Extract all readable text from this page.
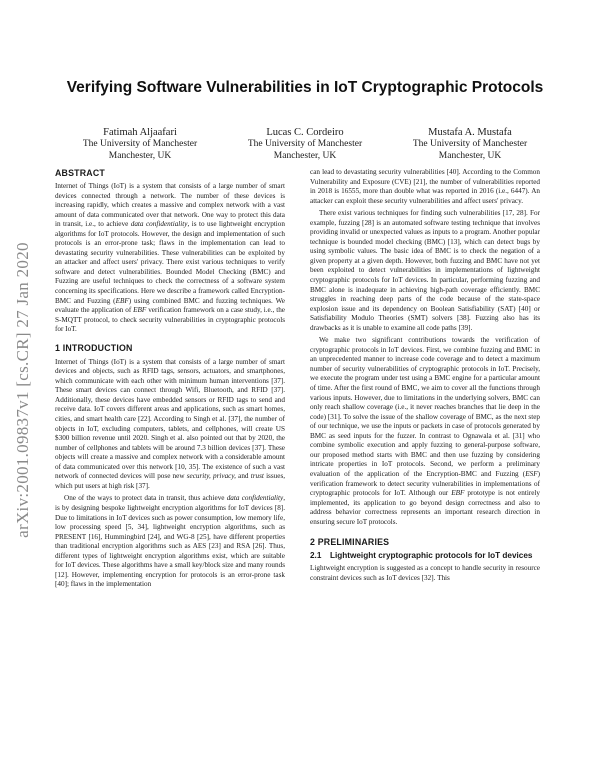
arXiv:2001.09837v1 [cs.CR] 27 Jan 2020
Verifying Software Vulnerabilities in IoT Cryptographic Protocols
Fatimah Aljaafari
The University of Manchester
Manchester, UK
Lucas C. Cordeiro
The University of Manchester
Manchester, UK
Mustafa A. Mustafa
The University of Manchester
Manchester, UK
ABSTRACT

Internet of Things (IoT) is a system that consists of a large number of smart devices connected through a network. The number of these devices is increasing rapidly, which creates a massive and complex network with a vast amount of data communicated over that network. One way to protect this data in transit, i.e., to achieve data confidentiality, is to use lightweight encryption algorithms for IoT protocols. However, the design and implementation of such protocols is an error-prone task; flaws in the implementation can lead to devastating security vulnerabilities. These vulnerabilities can be exploited by an attacker and affect users' privacy. There exist various techniques to verify software and detect vulnerabilities. Bounded Model Checking (BMC) and Fuzzing are useful techniques to check the correctness of a software system concerning its specifications. Here we describe a framework called Encryption-BMC and Fuzzing (EBF) using combined BMC and fuzzing techniques. We evaluate the application of EBF verification framework on a case study, i.e., the S-MQTT protocol, to check security vulnerabilities in cryptographic protocols for IoT.

1 INTRODUCTION

Internet of Things (IoT) is a system that consists of a large number of smart devices and objects, such as RFID tags, sensors, actuators, and smartphones, which communicate with each other with minimum human interventions [37]. These smart devices can connect through Wifi, Bluetooth, and RFID [37]. Additionally, these devices have embedded sensors or RFID tags to send and receive data. IoT covers different areas and applications, such as smart homes, cities, and smart health care [22]. According to Singh et al. [37], the number of objects in IoT, excluding computers, tablets, and cellphones, will create US $300 billion revenue until 2020. Singh et al. also pointed out that by 2020, the number of cellphones and tablets will be around 7.3 billion devices [37]. These objects will create a massive and complex network with a considerable amount of data communicated over this network [10, 35]. The existence of such a vast network of connected devices will pose new security, privacy, and trust issues, which put users at high risk [37].

One of the ways to protect data in transit, thus achieve data confidentiality, is by designing bespoke lightweight encryption algorithms for IoT devices [8]. Due to limitations in IoT devices such as power consumption, low memory life, low processing speed [5, 34], lightweight encryption algorithms, such as PRESENT [16], Hummingbird [24], and WG-8 [25], have different properties than traditional encryption algorithms such as AES [23] and RSA [26]. Thus, different types of lightweight encryption algorithms exist, which are suitable for IoT devices. These algorithms have a small key/block size and many rounds [12]. However, implementing encryption for protocols is an error-prone task [40]; flaws in the implementation

can lead to devastating security vulnerabilities [40]. According to the Common Vulnerability and Exposure (CVE) [21], the number of vulnerabilities reported in 2018 is 16555, more than double what was reported in 2016 (i.e., 6447). An attacker can exploit these security vulnerabilities and affect users' privacy.

There exist various techniques for finding such vulnerabilities [17, 28]. For example, fuzzing [28] is an automated software testing technique that involves providing invalid or unexpected values as inputs to a program. Another popular technique is bounded model checking (BMC) [13], which can detect bugs by using symbolic values. The basic idea of BMC is to check the negation of a given property at a given depth. However, both fuzzing and BMC have not yet been exploited to detect vulnerabilities in implementations of lightweight cryptographic protocols for IoT devices. In particular, performing fuzzing and BMC alone is inadequate in achieving high-path coverage efficiently. BMC struggles in reaching deep parts of the code because of the state-space explosion issue and its dependency on Boolean Satisfiability (SAT) [40] or Satisfiability Modulo Theories (SMT) solvers [38]. Fuzzing also has its drawbacks as it is unable to examine all code paths [39].

We make two significant contributions towards the verification of cryptographic protocols in IoT devices. First, we combine fuzzing and BMC in an unprecedented manner to increase code coverage and to detect a maximum number of security vulnerabilities of cryptographic protocols in IoT. Precisely, we execute the program under test using a BMC engine for a particular amount of time. After the first round of BMC, we aim to cover all the functions through various inputs. However, due to limitations in the underlying solvers, BMC can only reach shallow coverage (i.e., it never reaches branches that lie deep in the code) [31]. To solve the issue of the shallow coverage of BMC, as the next step of our technique, we use the inputs or packets in case of protocols generated by BMC as seed inputs for the fuzzer. In contrast to Ognawala et al. [31] who combine symbolic execution and apply fuzzing to general-purpose software, our proposed method starts with BMC and then use fuzzing by considering intricate properties in IoT protocols. Second, we perform a preliminary evaluation of the application of the Encryption-BMC and Fuzzing (ESF) verification framework to detect security vulnerabilities in implementations of cryptographic protocols for IoT. Although our EBF prototype is not entirely implemented, its application to go beyond design correctness and also to address behavior correctness represents an important research direction in ensuring secure IoT protocols.

2 PRELIMINARIES
2.1	Lightweight cryptographic protocols for IoT devices

Lightweight encryption is suggested as a concept to handle security in resource constraint devices such as IoT devices [32]. This
